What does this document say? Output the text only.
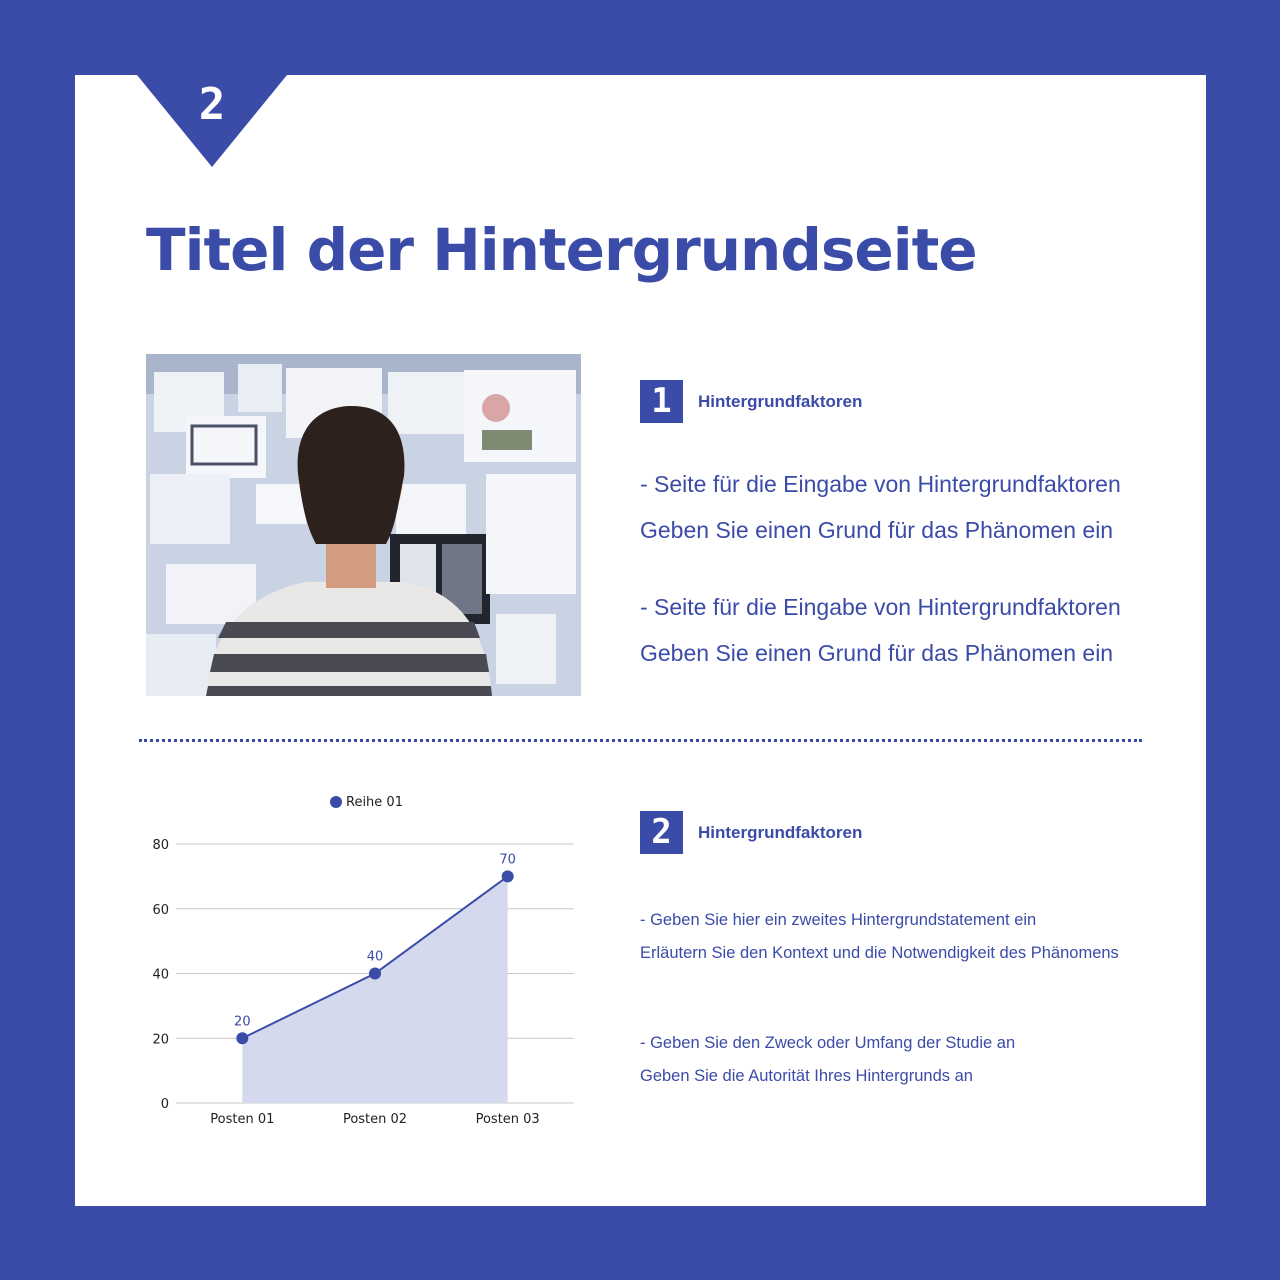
2
Titel der Hintergrundseite
1	Hintergrundfaktoren

- Seite für die Eingabe von Hintergrundfaktoren
Geben Sie einen Grund für das Phänomen ein

- Seite für die Eingabe von Hintergrundfaktoren
Geben Sie einen Grund für das Phänomen ein

0
20
40
60
80
20
40
70
Posten 01	Posten 02	Posten 03
Reihe 01
2	Hintergrundfaktoren

- Geben Sie hier ein zweites Hintergrundstatement ein
Erläutern Sie den Kontext und die Notwendigkeit des Phänomens

- Geben Sie den Zweck oder Umfang der Studie an
Geben Sie die Autorität Ihres Hintergrunds an
